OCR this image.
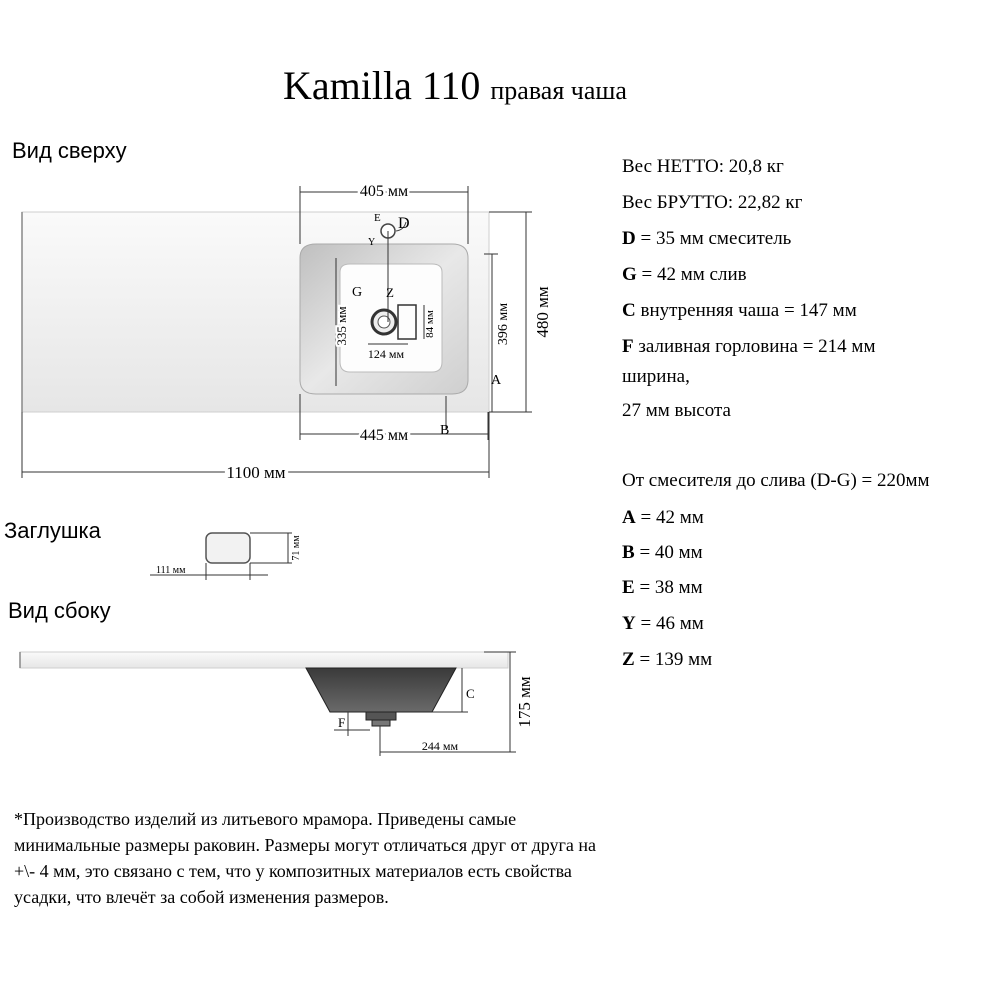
Kamilla 110 правая чаша
Вид сверху
Заглушка
Вид сбоку
405 мм
480 мм
396 мм
335 мм	84 мм
124 мм
445 мм
1100 мм
E D
Y
Z
G
A
B
71 мм
111 мм
C 175 мм
F
244 мм
Вес НЕТТО: 20,8 кг
Вес БРУТТО: 22,82 кг
D = 35 мм смеситель
G = 42 мм слив
C внутренняя чаша = 147 мм
F заливная горловина = 214 мм
ширина,
27 мм высота
От смесителя до слива (D-G) = 220мм
A = 42 мм
B = 40 мм
E = 38 мм
Y = 46 мм
Z = 139 мм
*Производство изделий из литьевого мрамора. Приведены самые минимальные размеры раковин. Размеры могут отличаться друг от друга на +\- 4 мм, это связано с тем, что у композитных материалов есть свойства усадки, что влечёт за собой изменения размеров.
